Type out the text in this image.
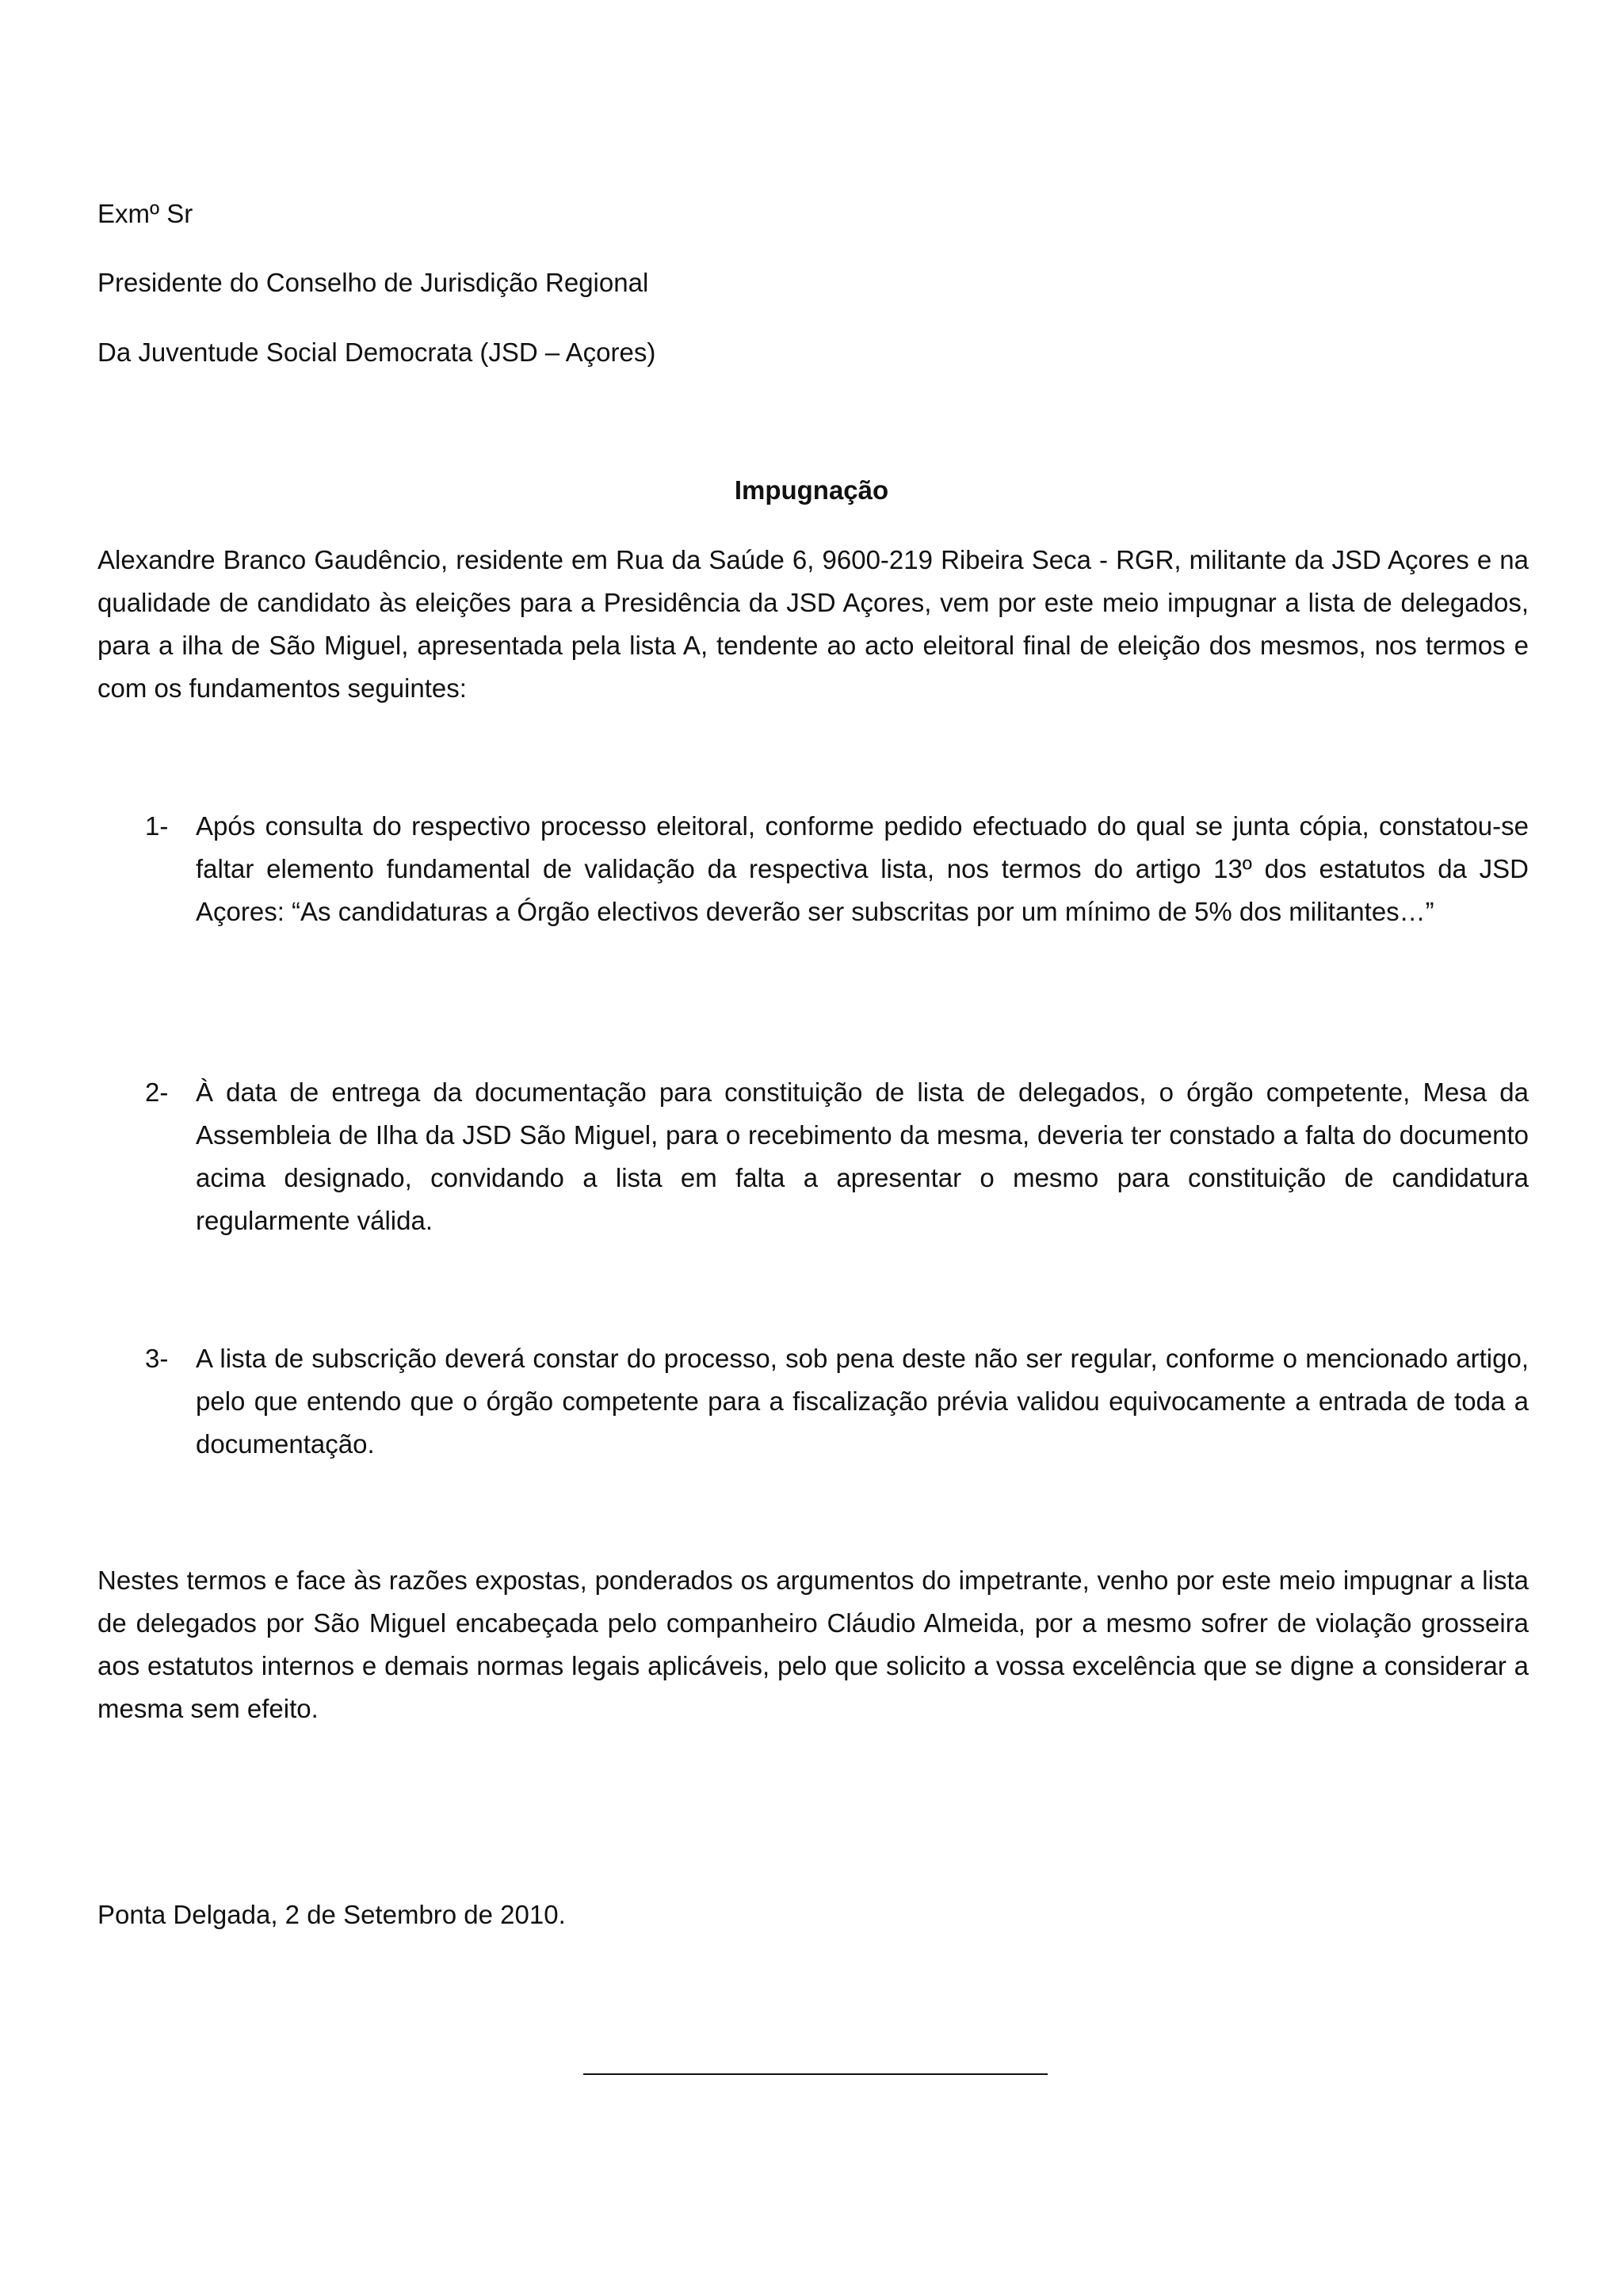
Exmº Sr

Presidente do Conselho de Jurisdição Regional

Da Juventude Social Democrata (JSD – Açores)

Impugnação

Alexandre Branco Gaudêncio, residente em Rua da Saúde 6, 9600-219 Ribeira Seca - RGR, militante da JSD Açores e na qualidade de candidato às eleições para a Presidência da JSD Açores, vem por este meio impugnar a lista de delegados, para a ilha de São Miguel, apresentada pela lista A, tendente ao acto eleitoral final de eleição dos mesmos, nos termos e com os fundamentos seguintes:

1-	Após consulta do respectivo processo eleitoral, conforme pedido efectuado do qual se junta cópia, constatou-se faltar elemento fundamental de validação da respectiva lista, nos termos do artigo 13º dos estatutos da JSD Açores: “As candidaturas a Órgão electivos deverão ser subscritas por um mínimo de 5% dos militantes…”
2-	À data de entrega da documentação para constituição de lista de delegados, o órgão competente, Mesa da Assembleia de Ilha da JSD São Miguel, para o recebimento da mesma, deveria ter constado a falta do documento acima designado, convidando a lista em falta a apresentar o mesmo para constituição de candidatura regularmente válida.
3-	A lista de subscrição deverá constar do processo, sob pena deste não ser regular, conforme o mencionado artigo, pelo que entendo que o órgão competente para a fiscalização prévia validou equivocamente a entrada de toda a documentação.

Nestes termos e face às razões expostas, ponderados os argumentos do impetrante, venho por este meio impugnar a lista de delegados por São Miguel encabeçada pelo companheiro Cláudio Almeida, por a mesmo sofrer de violação grosseira aos estatutos internos e demais normas legais aplicáveis, pelo que solicito a vossa excelência que se digne a considerar a mesma sem efeito.

Ponta Delgada, 2 de Setembro de 2010.
